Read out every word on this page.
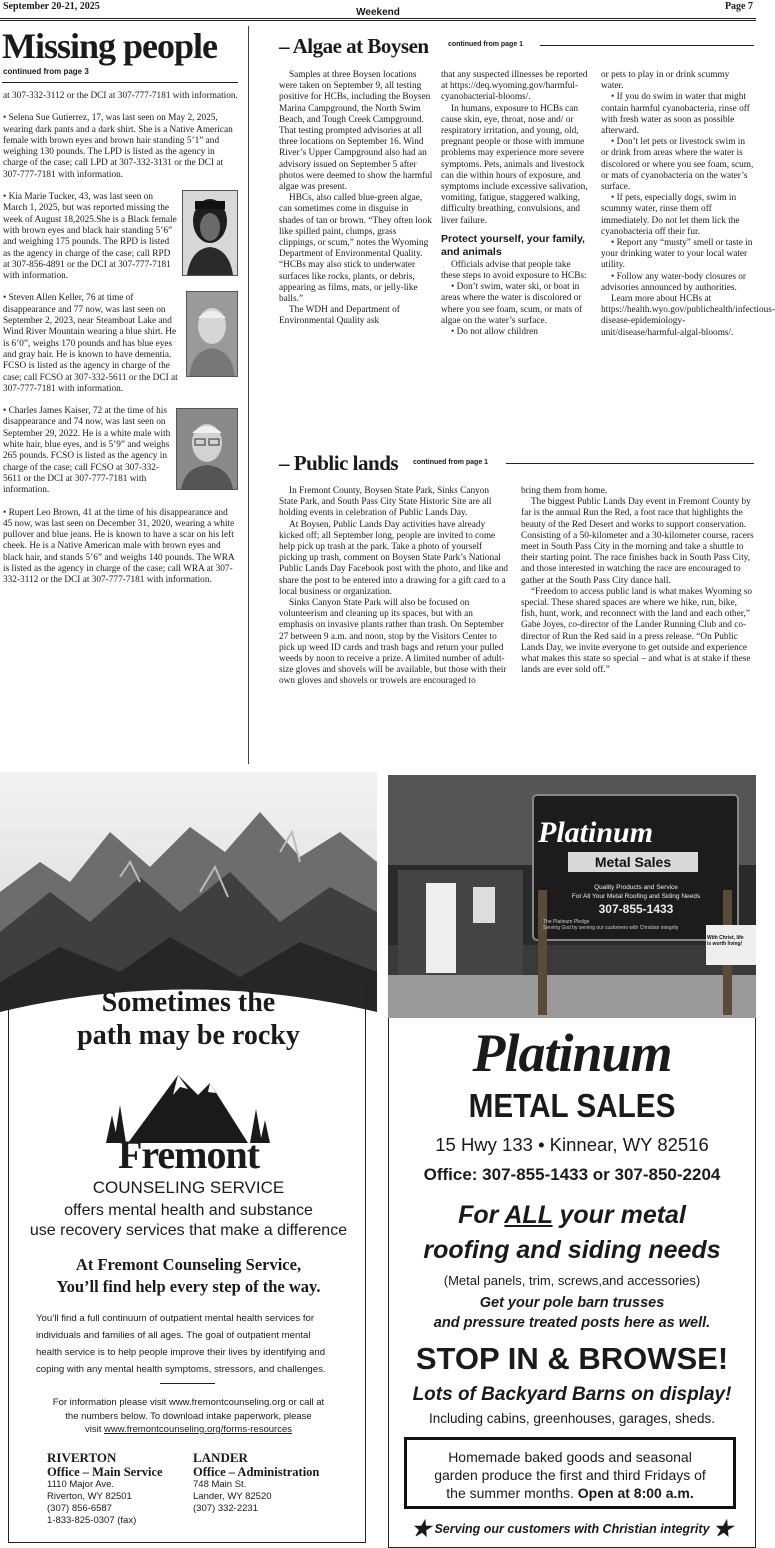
September 20-21, 2025
Weekend
Page 7
Missing people
continued from page 3

at 307-332-3112 or the DCI at 307-777-7181 with information.

• Selena Sue Gutierrez, 17, was last seen on May 2, 2025, wearing dark pants and a dark shirt. She is a Native American female with brown eyes and brown hair standing 5’1” and weighing 130 pounds. The LPD is listed as the agency in charge of the case; call LPD at 307-332-3131 or the DCI at 307-777-7181 with information.

• Kia Marie Tucker, 43, was last seen on March 1, 2025, but was reported missing the week of August 18,2025.She is a Black female with brown eyes and black hair standing 5’6” and weighing 175 pounds. The RPD is listed as the agency in charge of the case; call RPD at 307-856-4891 or the DCI at 307-777-7181 with information.

• Steven Allen Keller, 76 at time of disappearance and 77 now, was last seen on September 2, 2023, near Steamboat Lake and Wind River Mountain wearing a blue shirt. He is 6’0”, weighs 170 pounds and has blue eyes and gray hair. He is known to have dementia. FCSO is listed as the agency in charge of the case; call FCSO at 307-332-5611 or the DCI at 307-777-7181 with information.

• Charles James Kaiser, 72 at the time of his disappearance and 74 now, was last seen on September 29, 2022. He is a white male with white hair, blue eyes, and is 5’9” and weighs 265 pounds. FCSO is listed as the agency in charge of the case; call FCSO at 307-332-5611 or the DCI at 307-777-7181 with information.

• Rupert Leo Brown, 41 at the time of his disappearance and 45 now, was last seen on December 31, 2020, wearing a white pullover and blue jeans. He is known to have a scar on his left cheek. He is a Native American male with brown eyes and black hair, and stands 5’6” and weighs 140 pounds. The WRA is listed as the agency in charge of the case; call WRA at 307-332-3112 or the DCI at 307-777-7181 with information.

– Algae at Boysen	continued from page 1

Samples at three Boysen locations were taken on September 9, all testing positive for HCBs, including the Boysen Marina Campground, the North Swim Beach, and Tough Creek Campground. That testing prompted advisories at all three locations on September 16. Wind River’s Upper Campground also had an advisory issued on September 5 after photos were deemed to show the harmful algae was present.

HBCs, also called blue-green algae, can sometimes come in disguise in shades of tan or brown. “They often look like spilled paint, clumps, grass clippings, or scum,” notes the Wyoming Department of Environmental Quality. “HCBs may also stick to underwater surfaces like rocks, plants, or debris, appearing as films, mats, or jelly-like balls.”

The WDH and Department of Environmental Quality ask

that any suspected illnesses be reported at https://deq.wyoming.gov/harmful-cyanobacterial-blooms/.

In humans, exposure to HCBs can cause skin, eye, throat, nose and/ or respiratory irritation, and young, old, pregnant people or those with immune problems may experience more severe symptoms. Pets, animals and livestock can die within hours of exposure, and symptoms include excessive salivation, vomiting, fatigue, staggered walking, difficulty breathing, convulsions, and liver failure.

Protect yourself, your family, and animals

Officials advise that people take these steps to avoid exposure to HCBs:

• Don’t swim, water ski, or boat in areas where the water is discolored or where you see foam, scum, or mats of algae on the water’s surface.

• Do not allow children

or pets to play in or drink scummy water.

• If you do swim in water that might contain harmful cyanobacteria, rinse off with fresh water as soon as possible afterward.

• Don’t let pets or livestock swim in or drink from areas where the water is discolored or where you see foam, scum, or mats of cyanobacteria on the water’s surface.

• If pets, especially dogs, swim in scummy water, rinse them off immediately. Do not let them lick the cyanobacteria off their fur.

• Report any “musty” smell or taste in your drinking water to your local water utility.

• Follow any water-body closures or advisories announced by authorities.

Learn more about HCBs at https://health.wyo.gov/publichealth/infectious-disease-epidemiology-unit/disease/harmful-algal-blooms/.

– Public lands continued from page 1

In Fremont County, Boysen State Park, Sinks Canyon State Park, and South Pass City State Historic Site are all holding events in celebration of Public Lands Day.

At Boysen, Public Lands Day activities have already kicked off; all September long, people are invited to come help pick up trash at the park. Take a photo of yourself picking up trash, comment on Boysen State Park’s National Public Lands Day Facebook post with the photo, and like and share the post to be entered into a drawing for a gift card to a local business or organization.

Sinks Canyon State Park will also be focused on volunteerism and cleaning up its spaces, but with an emphasis on invasive plants rather than trash. On September 27 between 9 a.m. and noon, stop by the Visitors Center to pick up weed ID cards and trash bags and return your pulled weeds by noon to receive a prize. A limited number of adult-size gloves and shovels will be available, but those with their own gloves and shovels or trowels are encouraged to

bring them from home.

The biggest Public Lands Day event in Fremont County by far is the annual Run the Red, a foot race that highlights the beauty of the Red Desert and works to support conservation. Consisting of a 50-kilometer and a 30-kilometer course, racers meet in South Pass City in the morning and take a shuttle to their starting point. The race finishes back in South Pass City, and those interested in watching the race are encouraged to gather at the South Pass City dance hall.

“Freedom to access public land is what makes Wyoming so special. These shared spaces are where we hike, run, bike, fish, hunt, work, and reconnect with the land and each other,” Gabe Joyes, co-director of the Lander Running Club and co-director of Run the Red said in a press release. “On Public Lands Day, we invite everyone to get outside and experience what makes this state so special – and what is at stake if these lands are ever sold off.”

Sometimes the
path may be rocky
Fremont
COUNSELING SERVICE
offers mental health and substance
use recovery services that make a difference
At Fremont Counseling Service,
You’ll find help every step of the way.
You’ll find a full continuum of outpatient mental health services for individuals and families of all ages. The goal of outpatient mental health service is to help people improve their lives by identifying and coping with any mental health symptoms, stressors, and challenges.
For information please visit www.fremontcounseling.org or call at
the numbers below. To download intake paperwork, please
visit www.fremontcounseling.org/forms-resources
RIVERTON
Office – Main Service
1110 Major Ave.
Riverton, WY 82501
(307) 856-6587
1-833-825-0307 (fax)
LANDER
Office – Administration
748 Main St.
Lander, WY 82520
(307) 332-2231
Platinum
Metal Sales
Quality Products and Service
For All Your Metal Roofing and Siding Needs
307-855-1433
The Platinum Pledge
Serving God by serving our customers with Christian integrity
With Christ, life
is worth living!
Platinum
METAL SALES
15 Hwy 133 • Kinnear, WY 82516
Office: 307-855-1433 or 307-850-2204
For ALL your metal
roofing and siding needs
(Metal panels, trim, screws,and accessories)
Get your pole barn trusses
and pressure treated posts here as well.
STOP IN & BROWSE!
Lots of Backyard Barns on display!
Including cabins, greenhouses, garages, sheds.
Homemade baked goods and seasonal
garden produce the first and third Fridays of
the summer months. Open at 8:00 a.m.
★ Serving our customers with Christian integrity ★
